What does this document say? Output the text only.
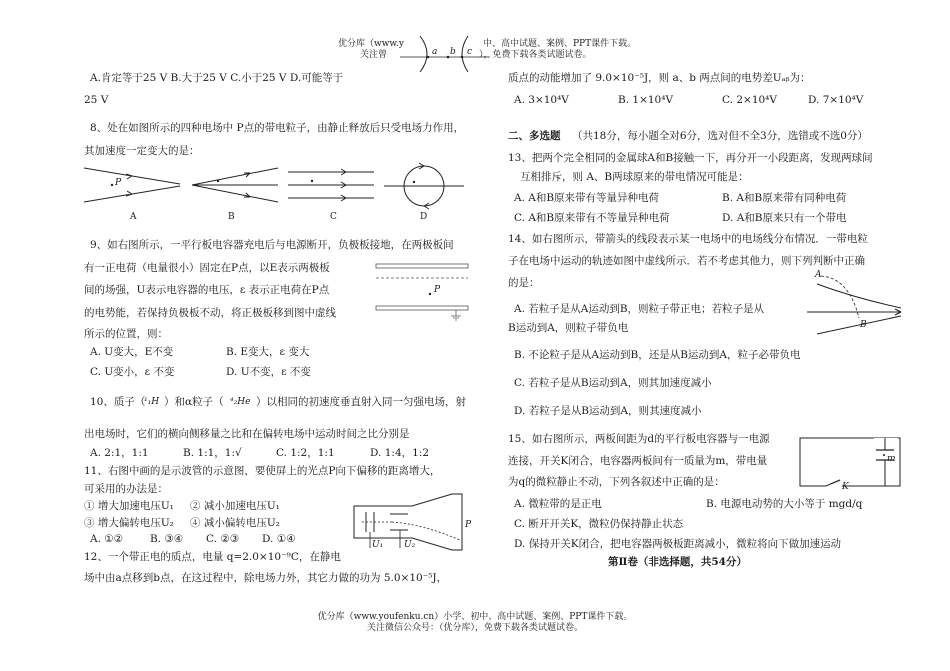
优分库（www.y	中、高中试题、案例、PPT课件下载。
关注曾	），免费下载各类试题试卷。
a b c
A.肯定等于25 V B.大于25 V C.小于25 V D.可能等于
25 V
8、处在如图所示的四种电场中 P点的带电粒子，由静止释放后只受电场力作用，
其加速度一定变大的是：
P
A	B	C	D
9、如右图所示，一平行板电容器充电后与电源断开，负极板接地，在两极板间
有一正电荷（电量很小）固定在P点，以E表示两极板
间的场强，U表示电容器的电压，ε 表示正电荷在P点
的电势能，若保持负极板不动，将正极板移到图中虚线
所示的位置，则：
P
A. U变大，E不变	B. E变大，ε 变大
C. U变小，ε 不变	D. U不变，ε 不变
10、质子（
¹₁H ）和α粒子（ ⁴₂He ）以相同的初速度垂直射入同一匀强电场，射
出电场时，它们的横向侧移量之比和在偏转电场中运动时间之比分别是
A. 2:1，1:1	B. 1:1，1:√	C. 1:2，1:1	D. 1:4，1:2
11、右图中画的是示波管的示意图，要使屏上的光点P向下偏移的距离增大，
可采用的办法是：
① 增大加速电压U₁ ② 减小加速电压U₁
③ 增大偏转电压U₂ ④ 减小偏转电压U₂
A. ①②	B. ③④ C. ②③ D. ①④	U₁ U₂
P
12、一个带正电的质点，电量 q=2.0×10⁻⁹C，在静电
场中由a点移到b点，在这过程中，除电场力外，其它力做的功为 5.0×10⁻⁵J，
质点的动能增加了 9.0×10⁻⁵J，则 a、b 两点间的电势差Uₐᵦ为：
A. 3×10⁴V	B. 1×10⁴V	C. 2×10⁴V	D. 7×10⁴V
二、多选题 （共18分，每小题全对6分，选对但不全3分，选错或不选0分）
13、把两个完全相同的金属球A和B接触一下，再分开一小段距离，发现两球间
互相排斥，则 A、B两球原来的带电情况可能是：
A. A和B原来带有等量异种电荷	B. A和B原来带有同种电荷
C. A和B原来带有不等量异种电荷	D. A和B原来只有一个带电
14、如右图所示，带箭头的线段表示某一电场中的电场线分布情况．一带电粒
子在电场中运动的轨迹如图中虚线所示．若不考虑其他力，则下列判断中正确
的是：
A. 若粒子是从A运动到B，则粒子带正电；若粒子是从
B运动到A，则粒子带负电
B. 不论粒子是从A运动到B，还是从B运动到A，粒子必带负电
C. 若粒子是从B运动到A，则其加速度减小
D. 若粒子是从B运动到A，则其速度减小
A
B
15、如右图所示，两板间距为d的平行板电容器与一电源
连接，开关K闭合，电容器两板间有一质量为m，带电量
为q的微粒静止不动，下列各叙述中正确的是：
A. 微粒带的是正电	B. 电源电动势的大小等于 mgd/q
C. 断开开关K，微粒仍保持静止状态
D. 保持开关K闭合，把电容器两极板距离减小，微粒将向下做加速运动
K
m
第Ⅱ卷（非选择题，共54分）
优分库（www.youfenku.cn）小学、初中、高中试题、案例、PPT课件下载。
关注微信公众号：（优分库），免费下载各类试题试卷。
